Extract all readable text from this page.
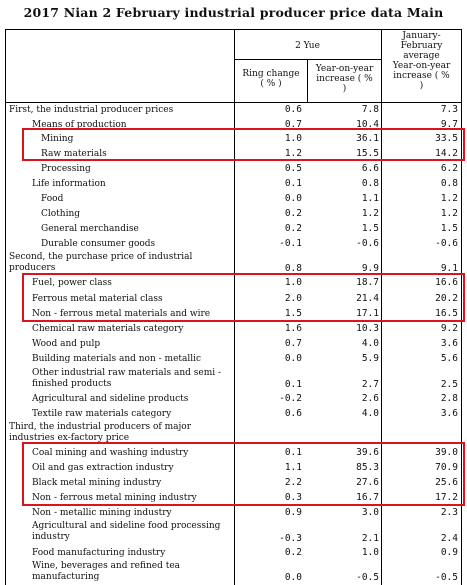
2017 Nian 2 February industrial producer price data Main
2 Yue
Ring change
( % )
Year-on-year
increase ( %
)
January-
February
average
Year-on-year
increase ( %
)
First, the industrial producer prices	0.6	7.8	7.3
Means of production	0.7	10.4	9.7
Mining	1.0	36.1	33.5
Raw materials	1.2	15.5	14.2
Processing	0.5	6.6	6.2
Life information	0.1	0.8	0.8
Food	0.0	1.1	1.2
Clothing	0.2	1.2	1.2
General merchandise	0.2	1.5	1.5
Durable consumer goods	-0.1	-0.6	-0.6
Second, the purchase price of industrial producers	0.8	9.9	9.1
Fuel, power class	1.0	18.7	16.6
Ferrous metal material class	2.0	21.4	20.2
Non - ferrous metal materials and wire	1.5	17.1	16.5
Chemical raw materials category	1.6	10.3	9.2
Wood and pulp	0.7	4.0	3.6
Building materials and non - metallic	0.0	5.9	5.6
Other industrial raw materials and semi - finished products	0.1	2.7	2.5
Agricultural and sideline products	-0.2	2.6	2.8
Textile raw materials category	0.6	4.0	3.6
Third, the industrial producers of major industries ex-factory price
Coal mining and washing industry	0.1	39.6	39.0
Oil and gas extraction industry	1.1	85.3	70.9
Black metal mining industry	2.2	27.6	25.6
Non - ferrous metal mining industry	0.3	16.7	17.2
Non - metallic mining industry	0.9	3.0	2.3
Agricultural and sideline food processing industry	-0.3	2.1	2.4
Food manufacturing industry	0.2	1.0	0.9
Wine, beverages and refined tea manufacturing	0.0	-0.5	-0.5
